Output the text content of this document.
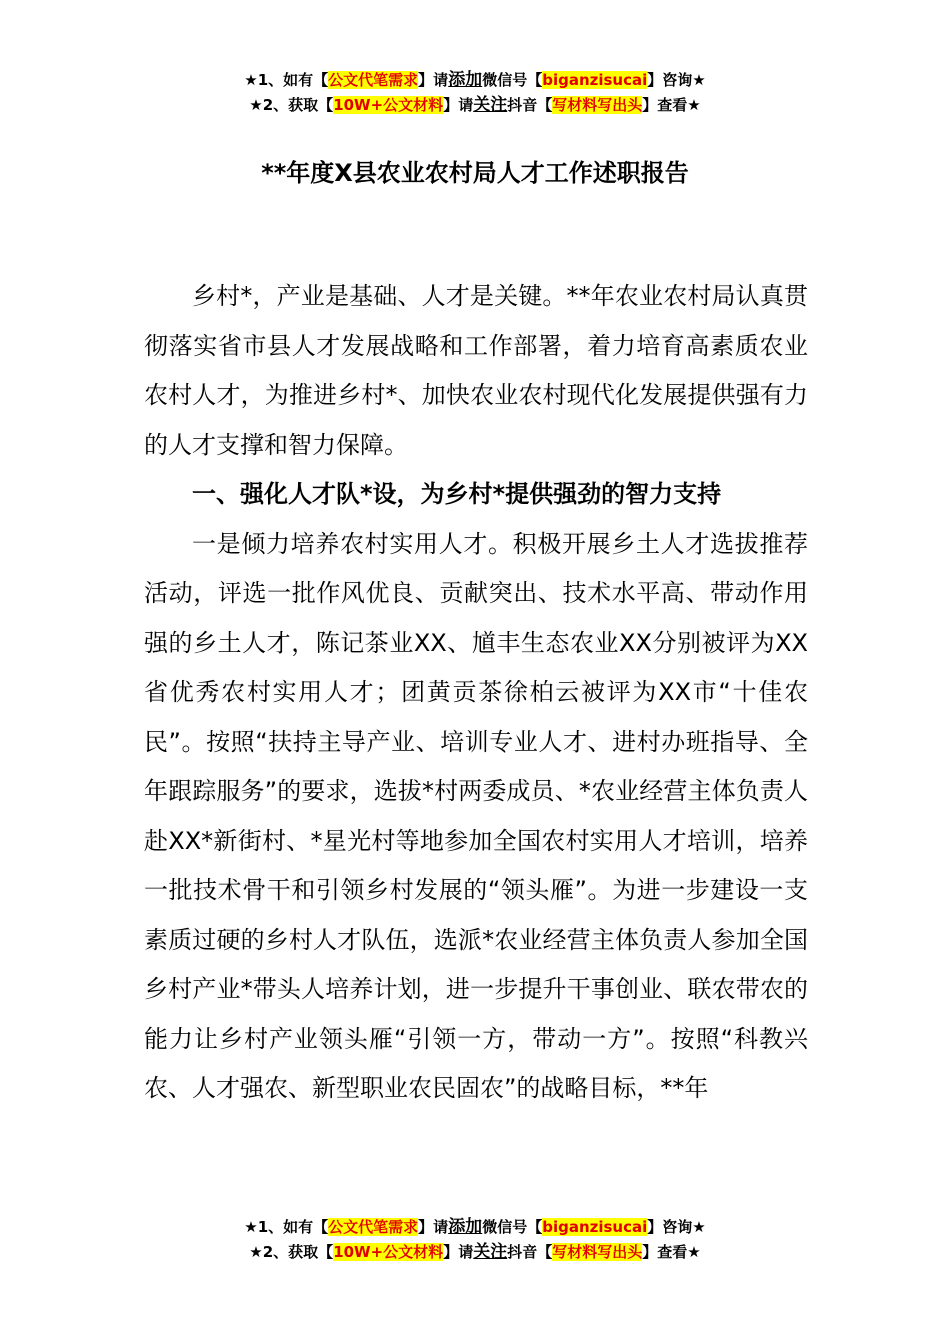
★1、如有【公文代笔需求】请添加微信号【biganzisucai】咨询★
★2、获取【10W+公文材料】请关注抖音【写材料写出头】查看★
**年度X县农业农村局人才工作述职报告

乡村*，产业是基础、人才是关键。**年农业农村局认真贯彻落实省市县人才发展战略和工作部署，着力培育高素质农业农村人才，为推进乡村*、加快农业农村现代化发展提供强有力的人才支撑和智力保障。

一、强化人才队*设，为乡村*提供强劲的智力支持

一是倾力培养农村实用人才。积极开展乡土人才选拔推荐活动，评选一批作风优良、贡献突出、技术水平高、带动作用强的乡土人才，陈记茶业XX、馗丰生态农业XX分别被评为XX省优秀农村实用人才；团黄贡茶徐柏云被评为XX市“十佳农民”。按照“扶持主导产业、培训专业人才、进村办班指导、全年跟踪服务”的要求，选拔*村两委成员、*农业经营主体负责人赴XX*新街村、*星光村等地参加全国农村实用人才培训，培养一批技术骨干和引领乡村发展的“领头雁”。为进一步建设一支素质过硬的乡村人才队伍，选派*农业经营主体负责人参加全国乡村产业*带头人培养计划，进一步提升干事创业、联农带农的能力让乡村产业领头雁“引领一方，带动一方”。按照“科教兴农、人才强农、新型职业农民固农”的战略目标，**年

★1、如有【公文代笔需求】请添加微信号【biganzisucai】咨询★
★2、获取【10W+公文材料】请关注抖音【写材料写出头】查看★
